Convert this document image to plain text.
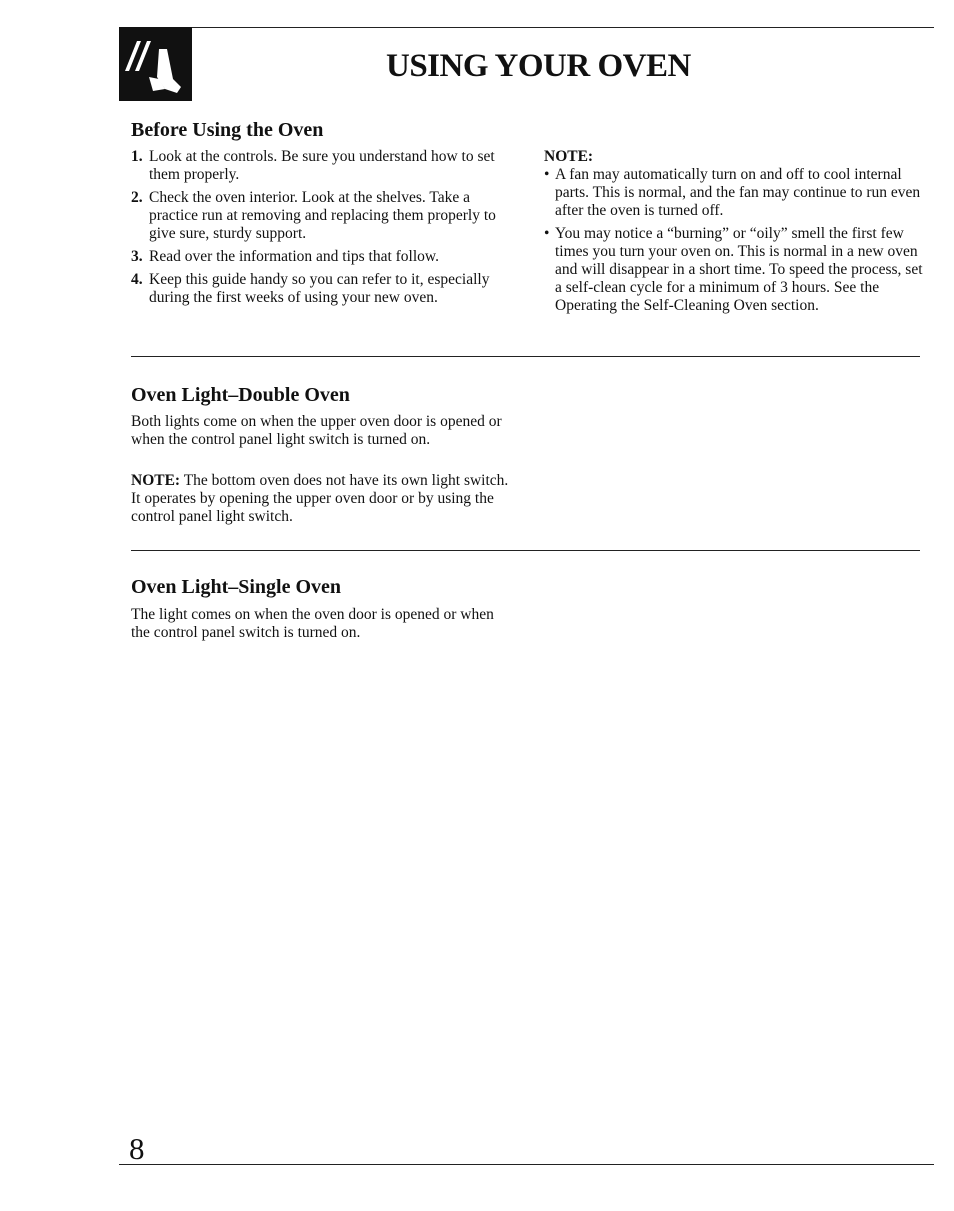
USING YOUR OVEN
Before Using the Oven
1. Look at the controls. Be sure you understand how to set them properly.
2. Check the oven interior. Look at the shelves. Take a practice run at removing and replacing them properly to give sure, sturdy support.
3. Read over the information and tips that follow.
4. Keep this guide handy so you can refer to it, especially during the first weeks of using your new oven.
NOTE:
• A fan may automatically turn on and off to cool internal parts. This is normal, and the fan may continue to run even after the oven is turned off.
• You may notice a “burning” or “oily” smell the first few times you turn your oven on. This is normal in a new oven and will disappear in a short time. To speed the process, set a self-clean cycle for a minimum of 3 hours. See the Operating the Self-Cleaning Oven section.
Oven Light–Double Oven

Both lights come on when the upper oven door is opened or when the control panel light switch is turned on.

NOTE: The bottom oven does not have its own light switch. It operates by opening the upper oven door or by using the control panel light switch.

Oven Light–Single Oven

The light comes on when the oven door is opened or when the control panel switch is turned on.

8
